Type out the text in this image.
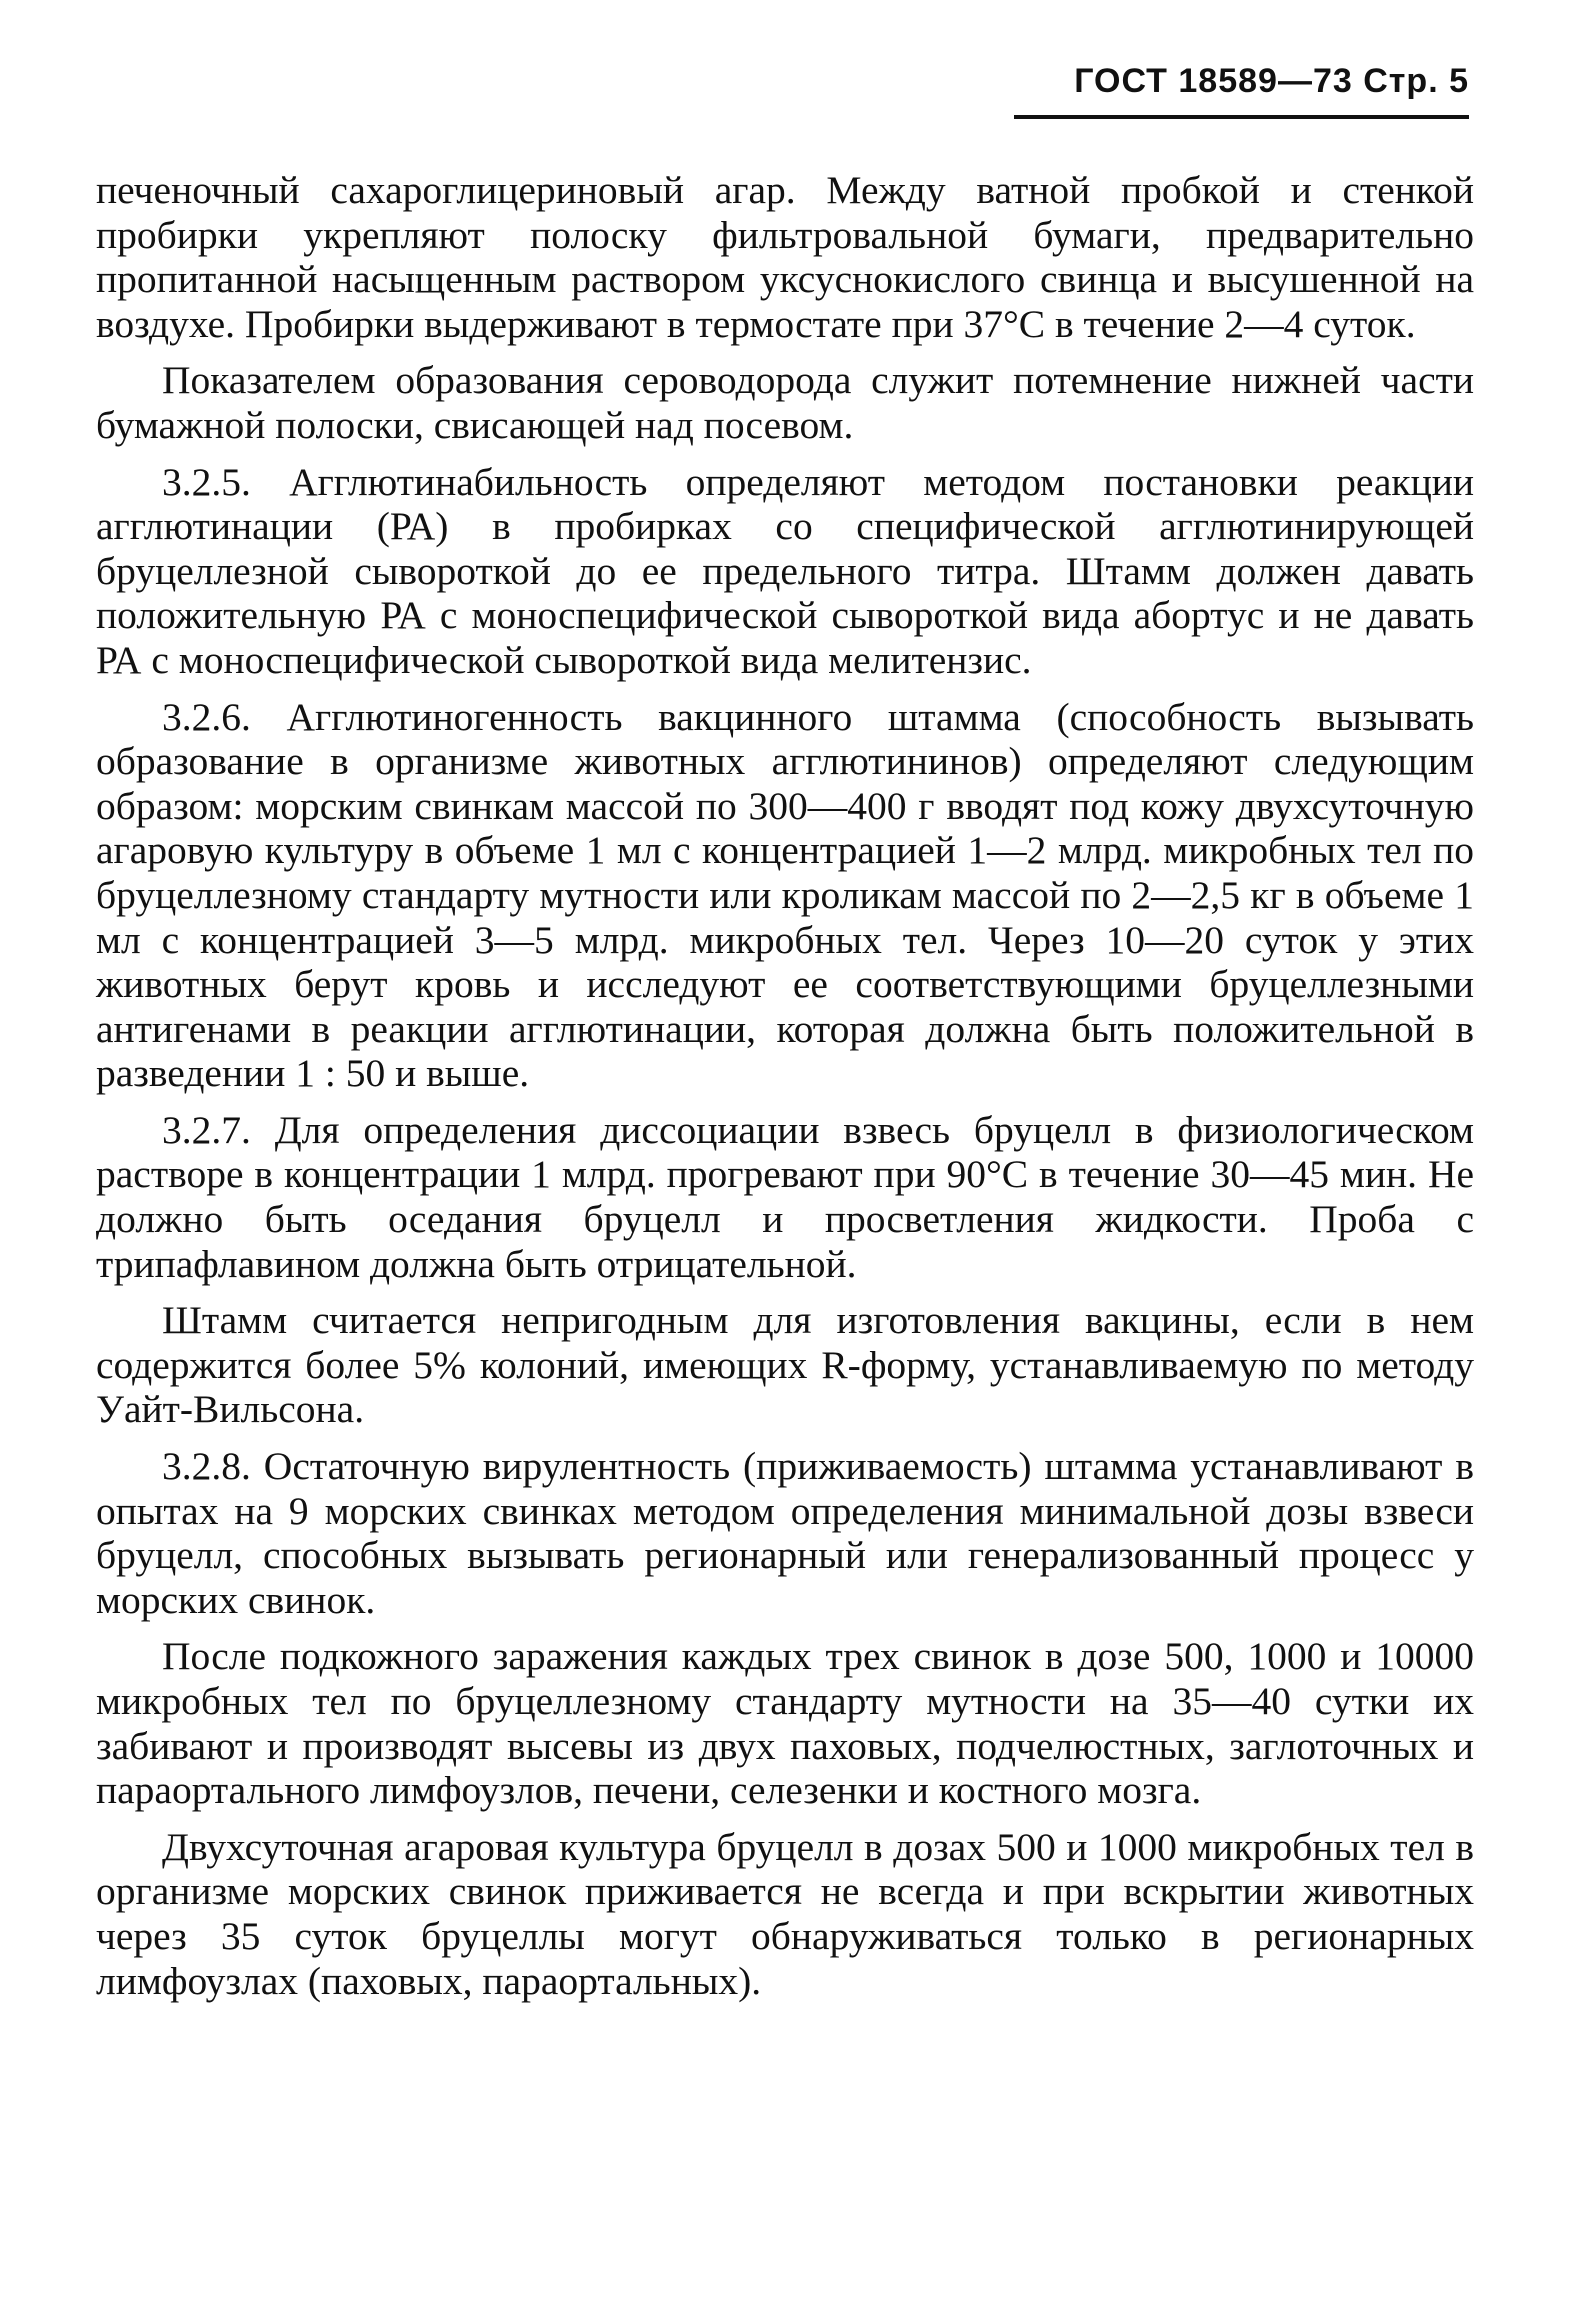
ГОСТ 18589—73 Стр. 5

печеночный сахароглицериновый агар. Между ватной пробкой и стенкой пробирки укрепляют полоску фильтровальной бумаги, предварительно пропитанной насыщенным раствором уксуснокислого свинца и высушенной на воздухе. Пробирки выдерживают в термостате при 37°С в течение 2—4 суток.

Показателем образования сероводорода служит потемнение нижней части бумажной полоски, свисающей над посевом.

3.2.5. Агглютинабильность определяют методом постановки реакции агглютинации (РА) в пробирках со специфической агглютинирующей бруцеллезной сывороткой до ее предельного титра. Штамм должен давать положительную РА с моноспецифической сывороткой вида абортус и не давать РА с моноспецифической сывороткой вида мелитензис.

3.2.6. Агглютиногенность вакцинного штамма (способность вызывать образование в организме животных агглютининов) определяют следующим образом: морским свинкам массой по 300—400 г вводят под кожу двухсуточную агаровую культуру в объеме 1 мл с концентрацией 1—2 млрд. микробных тел по бруцеллезному стандарту мутности или кроликам массой по 2—2,5 кг в объеме 1 мл с концентрацией 3—5 млрд. микробных тел. Через 10—20 суток у этих животных берут кровь и исследуют ее соответствующими бруцеллезными антигенами в реакции агглютинации, которая должна быть положительной в разведении 1 : 50 и выше.

3.2.7. Для определения диссоциации взвесь бруцелл в физиологическом растворе в концентрации 1 млрд. прогревают при 90°С в течение 30—45 мин. Не должно быть оседания бруцелл и просветления жидкости. Проба с трипафлавином должна быть отрицательной.

Штамм считается непригодным для изготовления вакцины, если в нем содержится более 5% колоний, имеющих R-форму, устанавливаемую по методу Уайт-Вильсона.

3.2.8. Остаточную вирулентность (приживаемость) штамма устанавливают в опытах на 9 морских свинках методом определения минимальной дозы взвеси бруцелл, способных вызывать регионарный или генерализованный процесс у морских свинок.

После подкожного заражения каждых трех свинок в дозе 500, 1000 и 10000 микробных тел по бруцеллезному стандарту мутности на 35—40 сутки их забивают и производят высевы из двух паховых, подчелюстных, заглоточных и параортального лимфоузлов, печени, селезенки и костного мозга.

Двухсуточная агаровая культура бруцелл в дозах 500 и 1000 микробных тел в организме морских свинок приживается не всегда и при вскрытии животных через 35 суток бруцеллы могут обнаруживаться только в регионарных лимфоузлах (паховых, параортальных).
